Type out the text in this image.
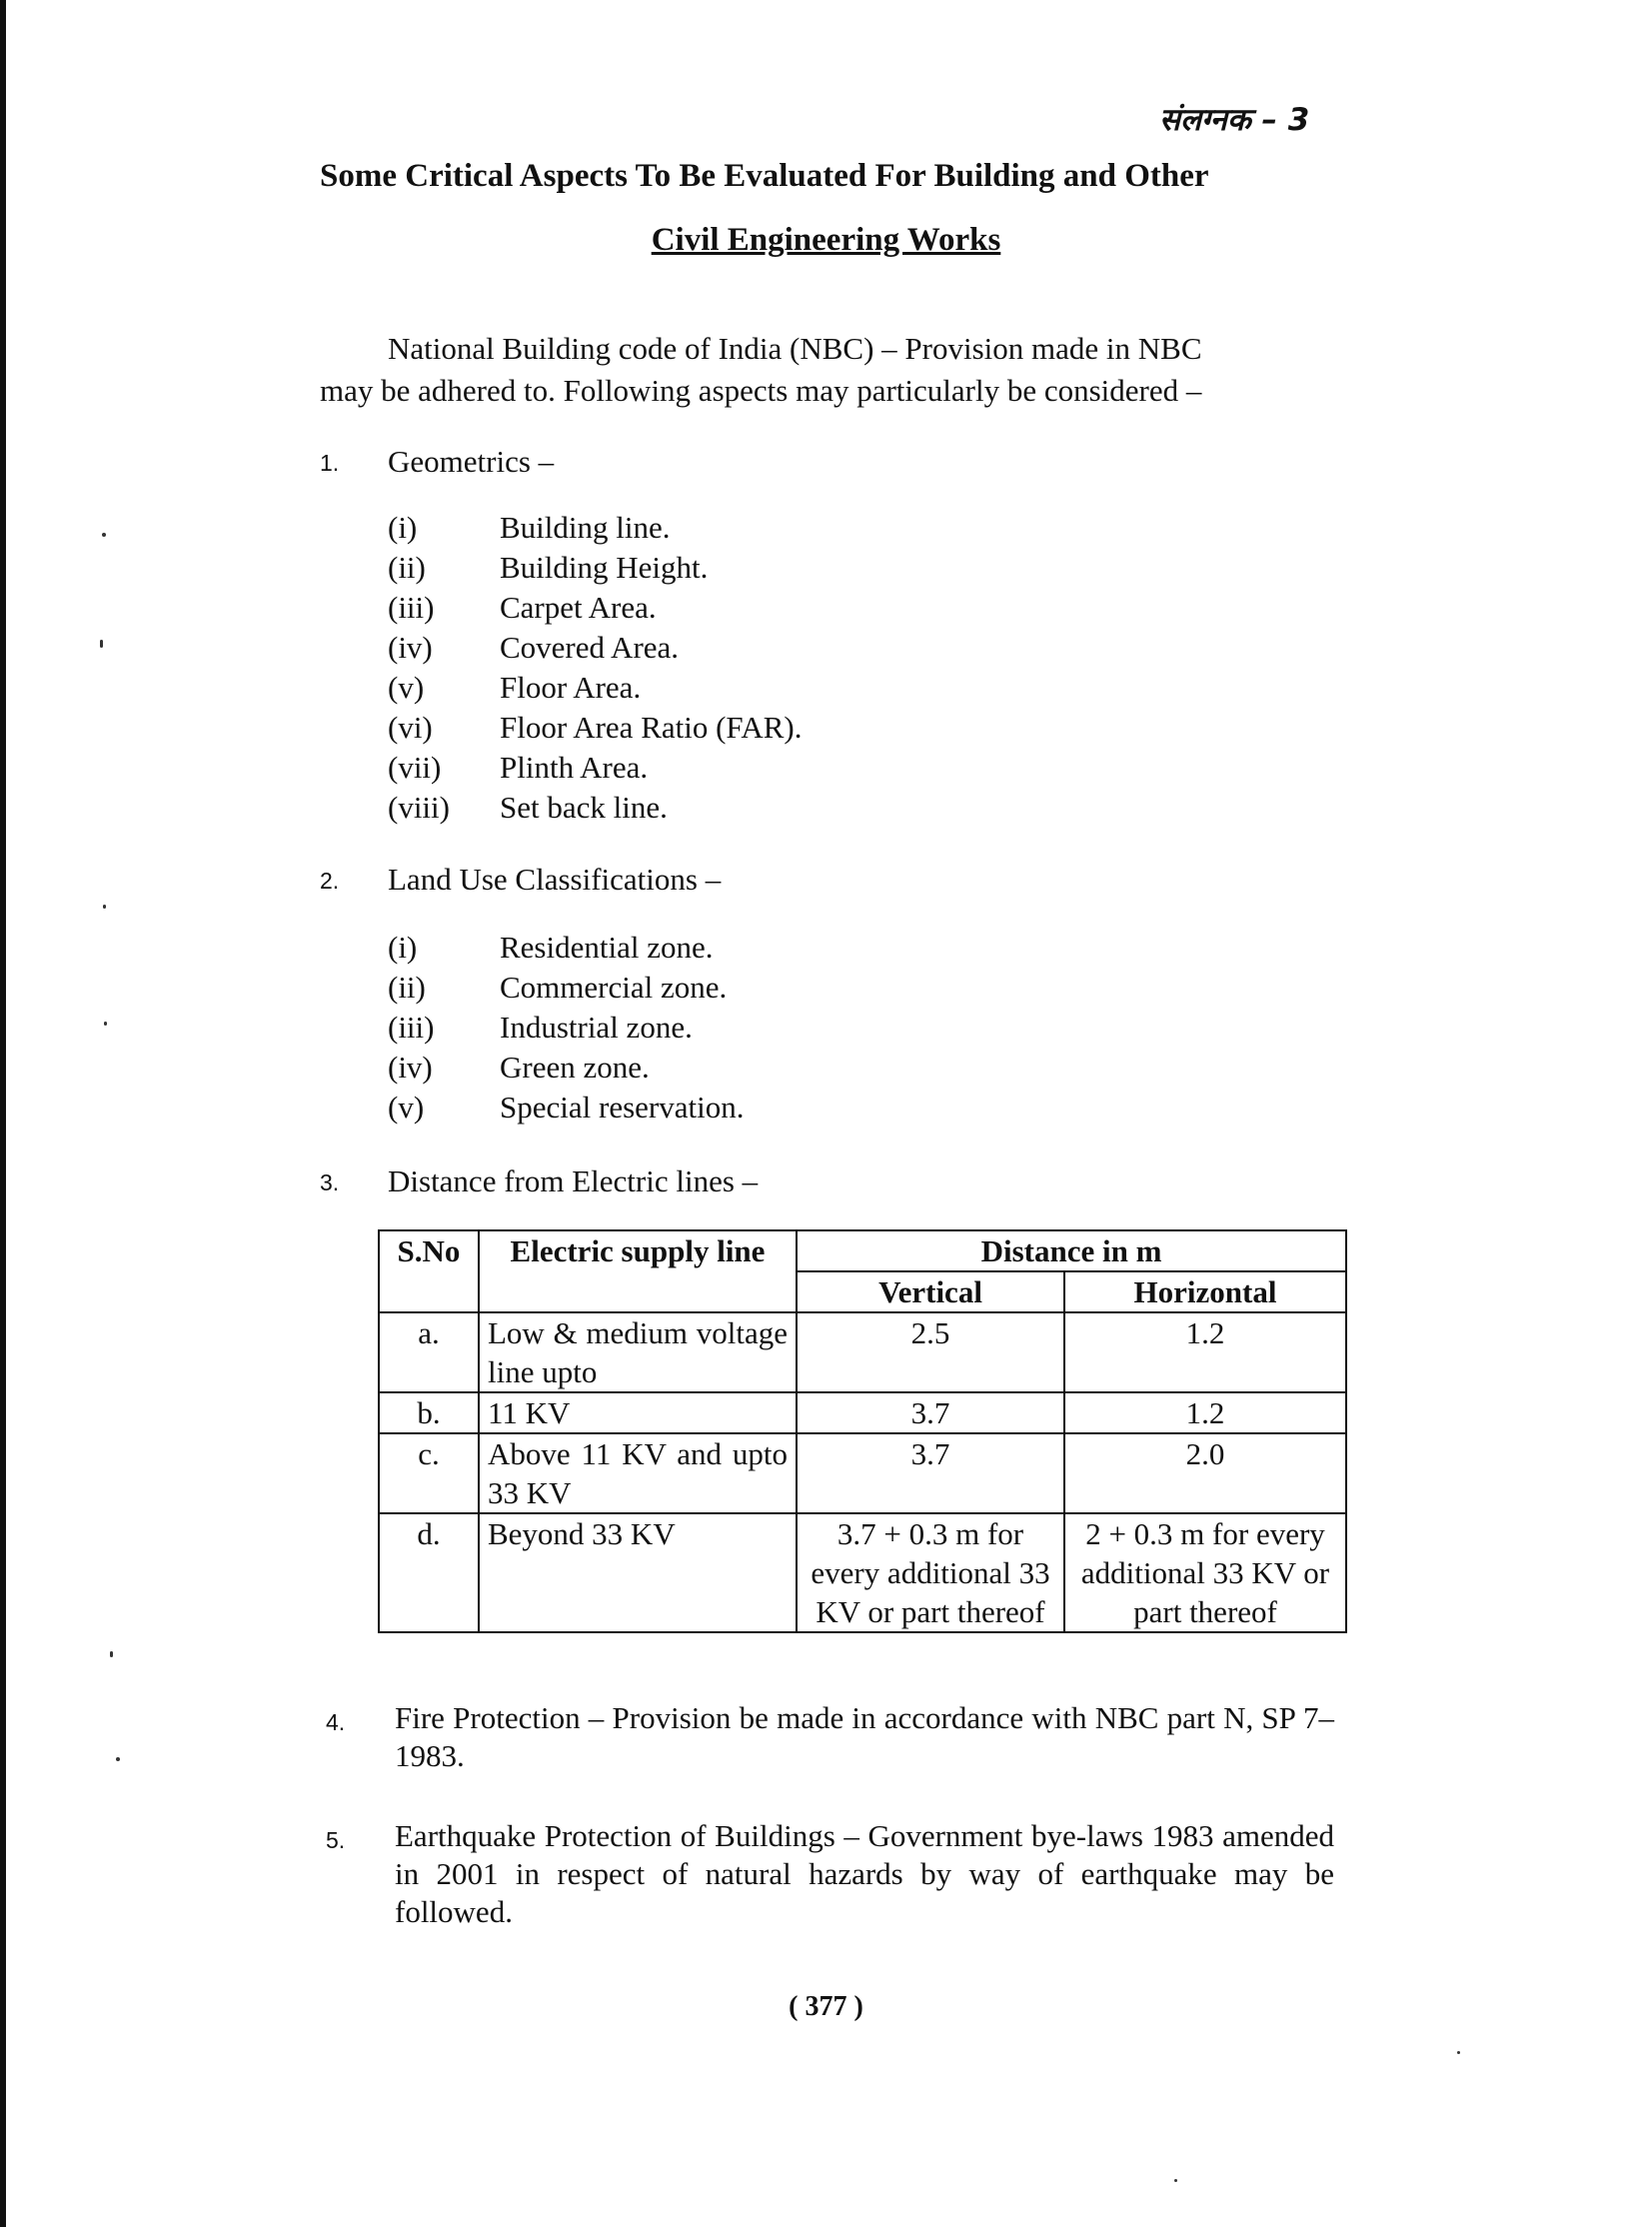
संलग्नक – 3
Some Critical Aspects To Be Evaluated For Building and Other
Civil Engineering Works
National Building code of India (NBC) – Provision made in NBC
may be adhered to. Following aspects may particularly be considered –
1. Geometrics –
(i)	Building line.
(ii) Building Height.
(iii) Carpet Area.
(iv) Covered Area.
(v) Floor Area.
(vi) Floor Area Ratio (FAR).
(vii) Plinth Area.
(viii) Set back line.
2. Land Use Classifications –
(i)	Residential zone.
(ii) Commercial zone.
(iii) Industrial zone.
(iv) Green zone.
(v) Special reservation.
3. Distance from Electric lines –
S.No	Electric supply line	Distance in m	
		Vertical	Horizontal
a.	Low & medium voltage line upto	2.5	1.2
b.	11 KV	3.7	1.2
c.	Above 11 KV and upto 33 KV	3.7	2.0
d.	Beyond 33 KV	3.7 + 0.3 m for every additional 33 KV or part thereof	2 + 0.3 m for every additional 33 KV or part thereof
4. Fire Protection – Provision be made in accordance with NBC part N, SP 7– 1983.
5. Earthquake Protection of Buildings – Government bye-laws 1983 amended in 2001 in respect of natural hazards by way of earthquake may be followed.
( 377 )
